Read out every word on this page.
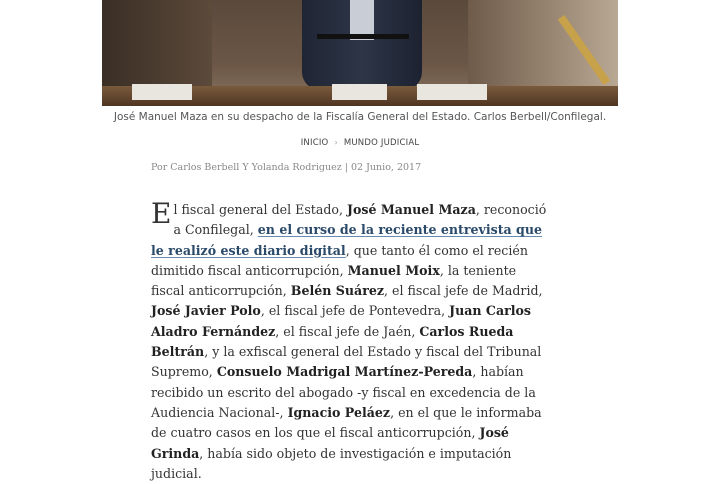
José Manuel Maza en su despacho de la Fiscalía General del Estado. Carlos Berbell/Confilegal.
INICIO › MUNDO JUDICIAL
Por Carlos Berbell Y Yolanda Rodriguez | 02 Junio, 2017

El fiscal general del Estado, José Manuel Maza, reconoció a Confilegal, en el curso de la reciente entrevista que le realizó este diario digital, que tanto él como el recién dimitido fiscal anticorrupción, Manuel Moix, la teniente fiscal anticorrupción, Belén Suárez, el fiscal jefe de Madrid, José Javier Polo, el fiscal jefe de Pontevedra, Juan Carlos Aladro Fernández, el fiscal jefe de Jaén, Carlos Rueda Beltrán, y la exfiscal general del Estado y fiscal del Tribunal Supremo, Consuelo Madrigal Martínez-Pereda, habían recibido un escrito del abogado -y fiscal en excedencia de la Audiencia Nacional-, Ignacio Peláez, en el que le informaba de cuatro casos en los que el fiscal anticorrupción, José Grinda, había sido objeto de investigación e imputación judicial.
